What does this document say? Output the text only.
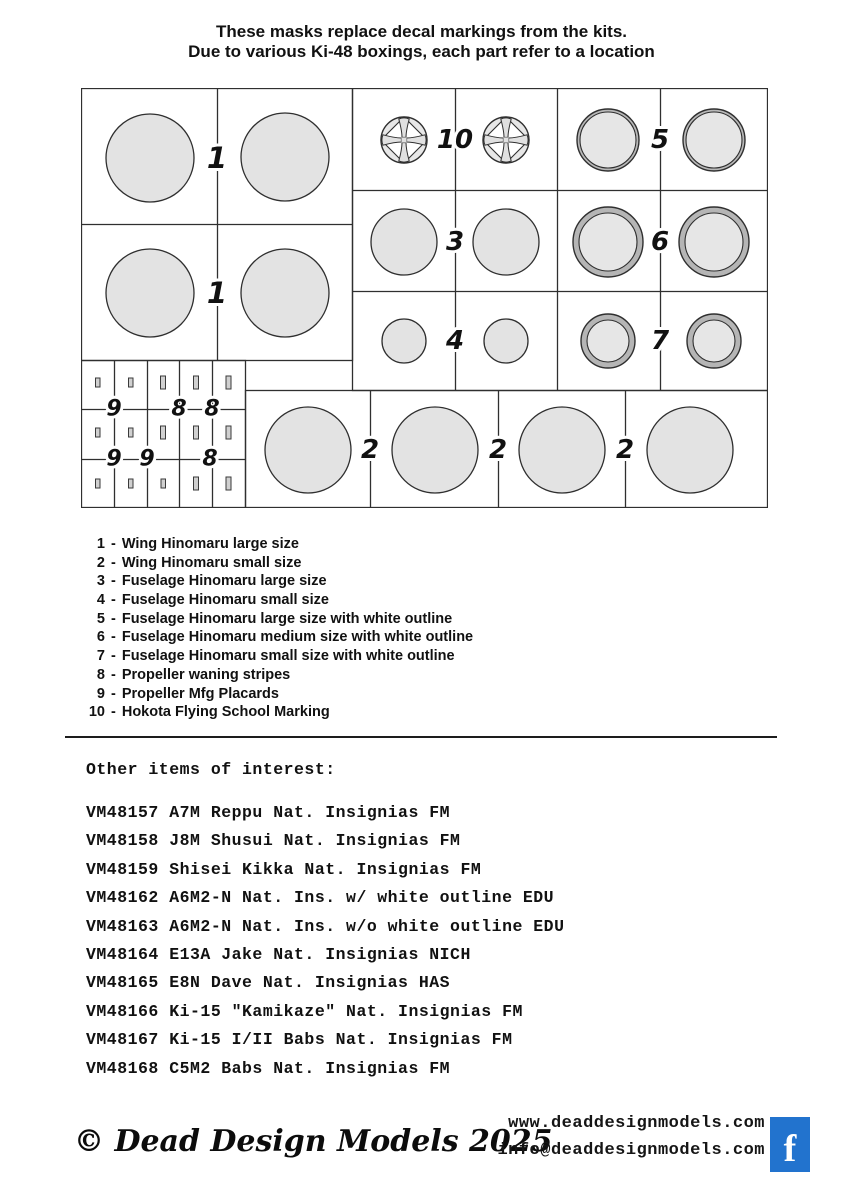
These masks replace decal markings from the kits.
Due to various Ki-48 boxings, each part refer to a location
1
1
10	5
3	6
4	7
9 8 8
9 9 8	2	2	2
1 - Wing Hinomaru large size
2 - Wing Hinomaru small size
3 - Fuselage Hinomaru large size
4 - Fuselage Hinomaru small size
5 - Fuselage Hinomaru large size with white outline
6 - Fuselage Hinomaru medium size with white outline
7 - Fuselage Hinomaru small size with white outline
8 - Propeller waning stripes
9 - Propeller Mfg Placards
10 - Hokota Flying School Marking
Other items of interest:
VM48157 A7M Reppu Nat. Insignias FM
VM48158 J8M Shusui Nat. Insignias FM
VM48159 Shisei Kikka Nat. Insignias FM
VM48162 A6M2-N Nat. Ins. w/ white outline EDU
VM48163 A6M2-N Nat. Ins. w/o white outline EDU
VM48164 E13A Jake Nat. Insignias NICH
VM48165 E8N Dave Nat. Insignias HAS
VM48166 Ki-15 "Kamikaze" Nat. Insignias FM
VM48167 Ki-15 I/II Babs Nat. Insignias FM
VM48168 C5M2 Babs Nat. Insignias FM
© Dead Design Models 2025
www.deaddesignmodels.com
info@deaddesignmodels.com f
